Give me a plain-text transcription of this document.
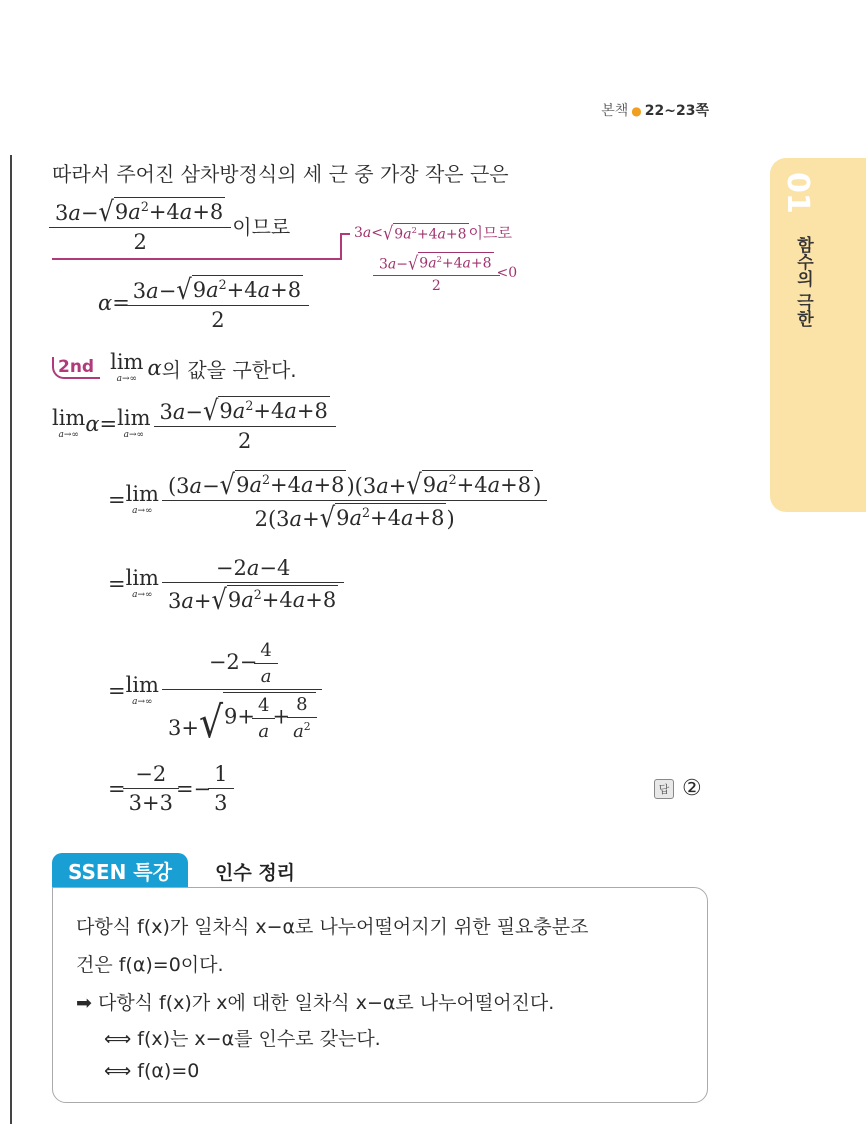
본책 ● 22~23쪽
01
함수의 극한
따라서 주어진 삼차방정식의 세 근 중 가장 작은 근은
$\frac{3a- √ 9a^2+4a+8}{2}$ 이므로	3 a < √ $9a^2+4a+8$ 이므로
$\frac{3a- √ 9a^2+4a+8}{2} <0$
$\alpha = \frac{3a- √ 9a^2+4a+8}{2}$
2nd lim
a→∞ α 의 값을 구한다.
lim
a→∞ α = lim
$a\to\infty \frac{3a- √ 9a^2+4a+8}{2}$
= lim
$a\to\infty \frac{(3a- √ 9a^2+4a+8 )(3a+ √ 9a^2+4a+8 )}{2(3a+ √ 9a^2+4a+8 )}$
= lim
$a\to\infty \frac{-2a-4}{3a+ √ 9a^2+4a+8}$
= lim
$a\to\infty \frac{-2- \frac{4}{a}}{3+ √ 9+ \frac{4}{a} + \frac{8}{a^2}}$
= $\frac{-2}{3+3} =- \frac{1}{3}$	답 ②
SSEN 특강	인수 정리
다항식 f(x)가 일차식 x−α로 나누어떨어지기 위한 필요충분조
건은 f(α)=0이다.
➡ 다항식 f(x)가 x에 대한 일차식 x−α로 나누어떨어진다.
⟺ f(x)는 x−α를 인수로 갖는다.
⟺ f(α)=0
